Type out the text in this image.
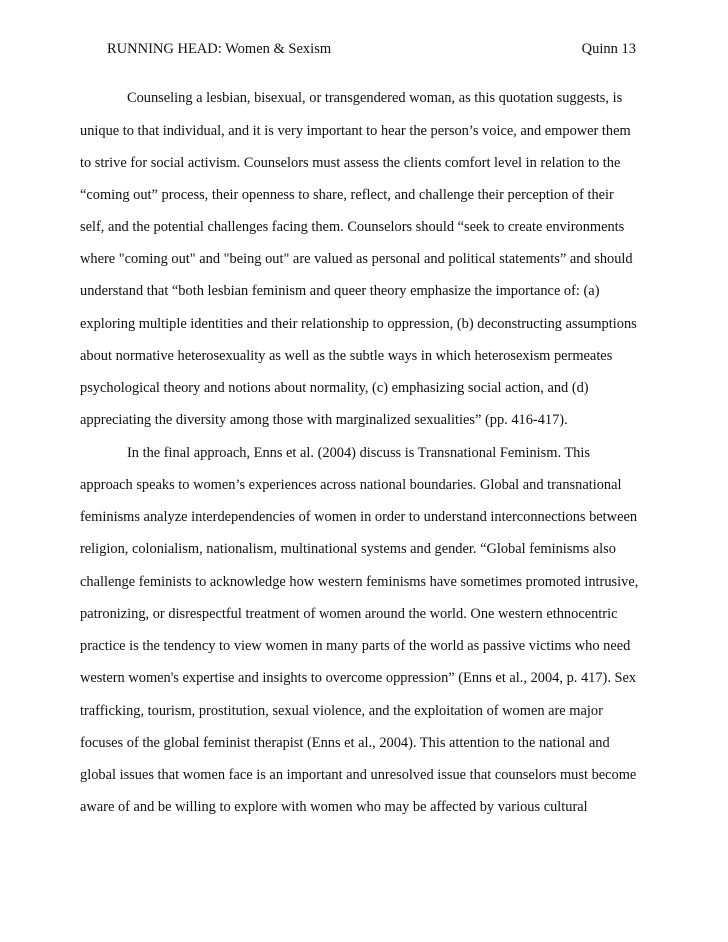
RUNNING HEAD: Women & Sexism	Quinn 13
Counseling a lesbian, bisexual, or transgendered woman, as this quotation suggests, is
unique to that individual, and it is very important to hear the person’s voice, and empower them
to strive for social activism. Counselors must assess the clients comfort level in relation to the
“coming out” process, their openness to share, reflect, and challenge their perception of their
self, and the potential challenges facing them. Counselors should “seek to create environments
where "coming out" and "being out" are valued as personal and political statements” and should
understand that “both lesbian feminism and queer theory emphasize the importance of: (a)
exploring multiple identities and their relationship to oppression, (b) deconstructing assumptions
about normative heterosexuality as well as the subtle ways in which heterosexism permeates
psychological theory and notions about normality, (c) emphasizing social action, and (d)
appreciating the diversity among those with marginalized sexualities” (pp. 416-417).
In the final approach, Enns et al. (2004) discuss is Transnational Feminism. This
approach speaks to women’s experiences across national boundaries. Global and transnational
feminisms analyze interdependencies of women in order to understand interconnections between
religion, colonialism, nationalism, multinational systems and gender. “Global feminisms also
challenge feminists to acknowledge how western feminisms have sometimes promoted intrusive,
patronizing, or disrespectful treatment of women around the world. One western ethnocentric
practice is the tendency to view women in many parts of the world as passive victims who need
western women's expertise and insights to overcome oppression” (Enns et al., 2004, p. 417). Sex
trafficking, tourism, prostitution, sexual violence, and the exploitation of women are major
focuses of the global feminist therapist (Enns et al., 2004). This attention to the national and
global issues that women face is an important and unresolved issue that counselors must become
aware of and be willing to explore with women who may be affected by various cultural
